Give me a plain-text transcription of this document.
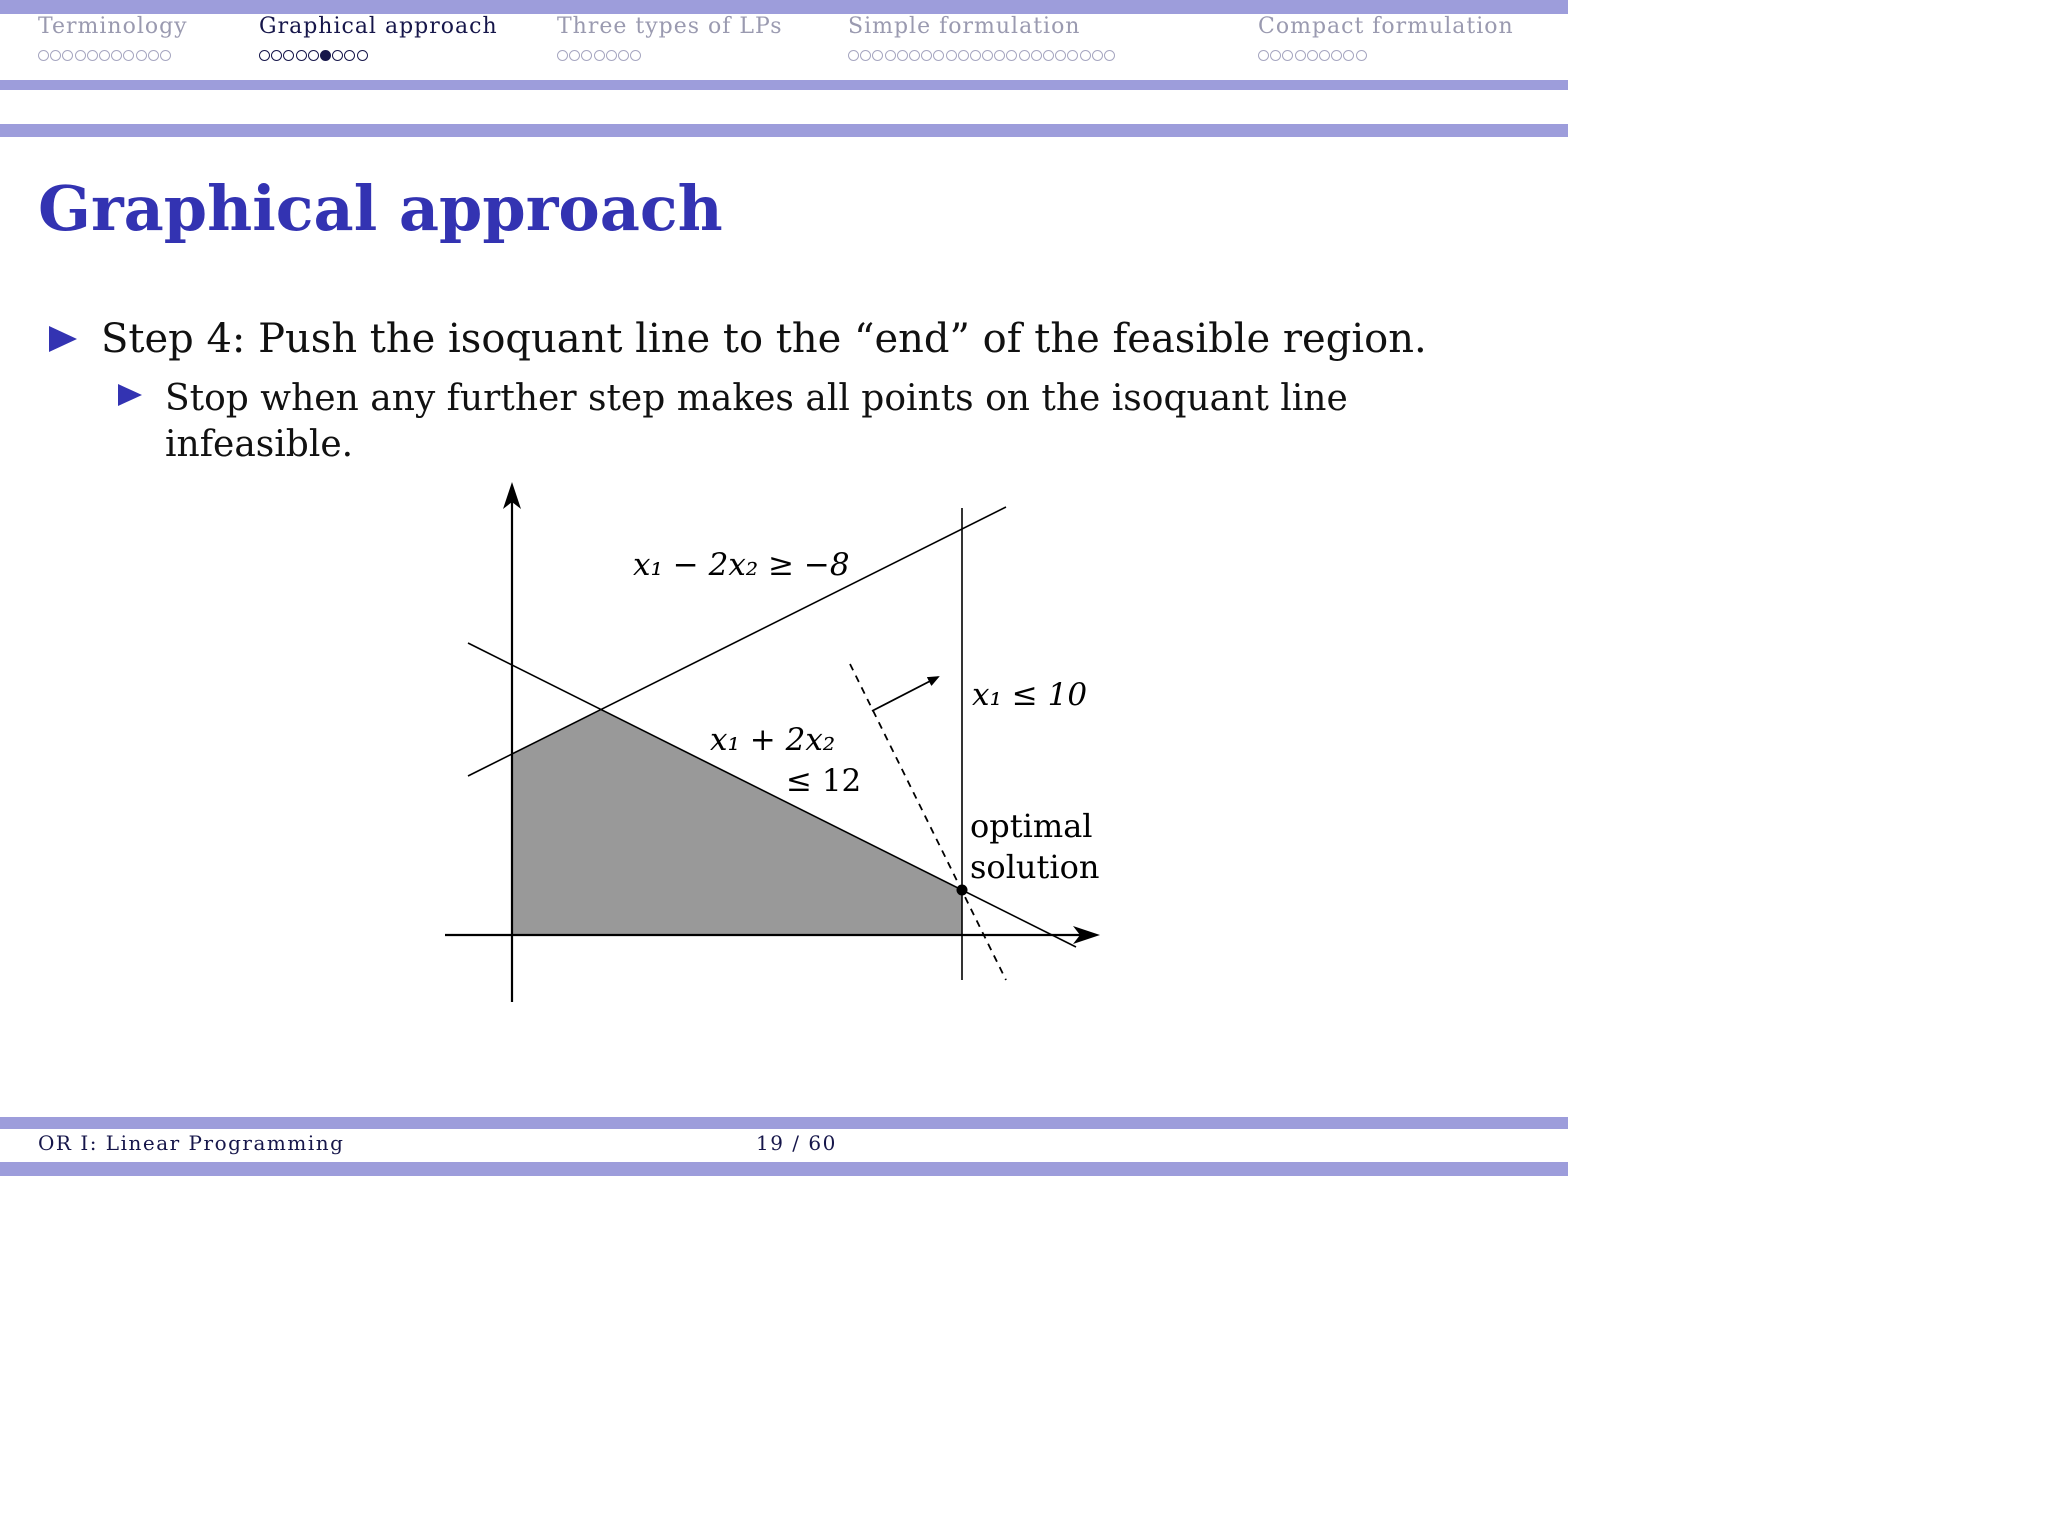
Terminology	Graphical approach	Three types of LPs	Simple formulation	Compact formulation
Graphical approach
Step 4: Push the isoquant line to the “end” of the feasible region.
Stop when any further step makes all points on the isoquant line infeasible.
x₁ − 2x₂ ≥ −8
x₁ + 2x₂
≤ 12
x₁ ≤ 10
optimal
solution
OR I: Linear Programming	19 / 60
